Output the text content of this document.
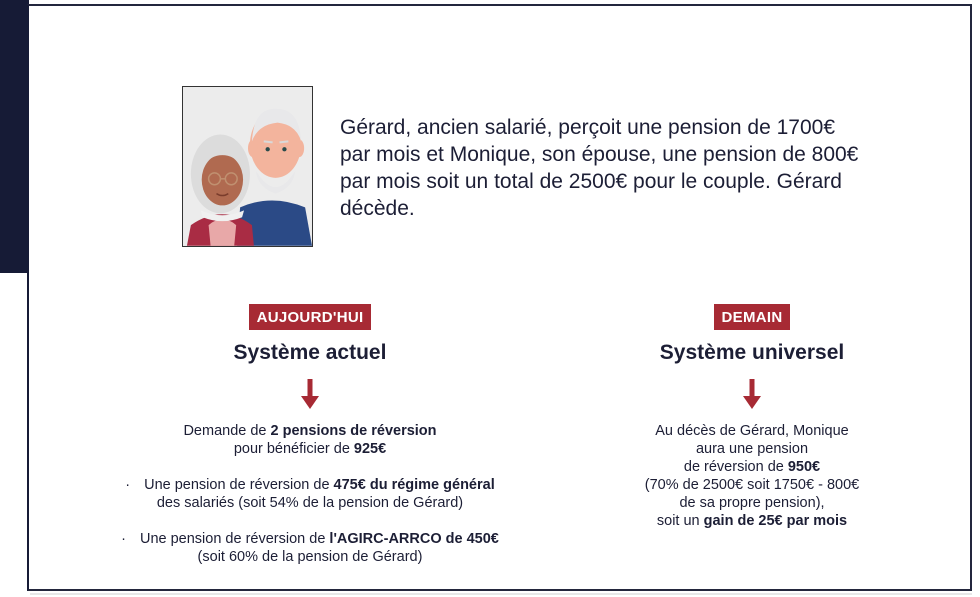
Gérard, ancien salarié, perçoit une pension de 1700€ par mois et Monique, son épouse, une pension de 800€ par mois soit un total de 2500€ pour le couple. Gérard décède.

AUJOURD'HUI
Système actuel
Demande de 2 pensions de réversion
pour bénéficier de 925€
· Une pension de réversion de 475€ du régime général
des salariés (soit 54% de la pension de Gérard)
· Une pension de réversion de l'AGIRC-ARRCO de 450€
(soit 60% de la pension de Gérard)
DEMAIN
Système universel
Au décès de Gérard, Monique
aura une pension
de réversion de 950€
(70% de 2500€ soit 1750€ - 800€
de sa propre pension),
soit un gain de 25€ par mois
